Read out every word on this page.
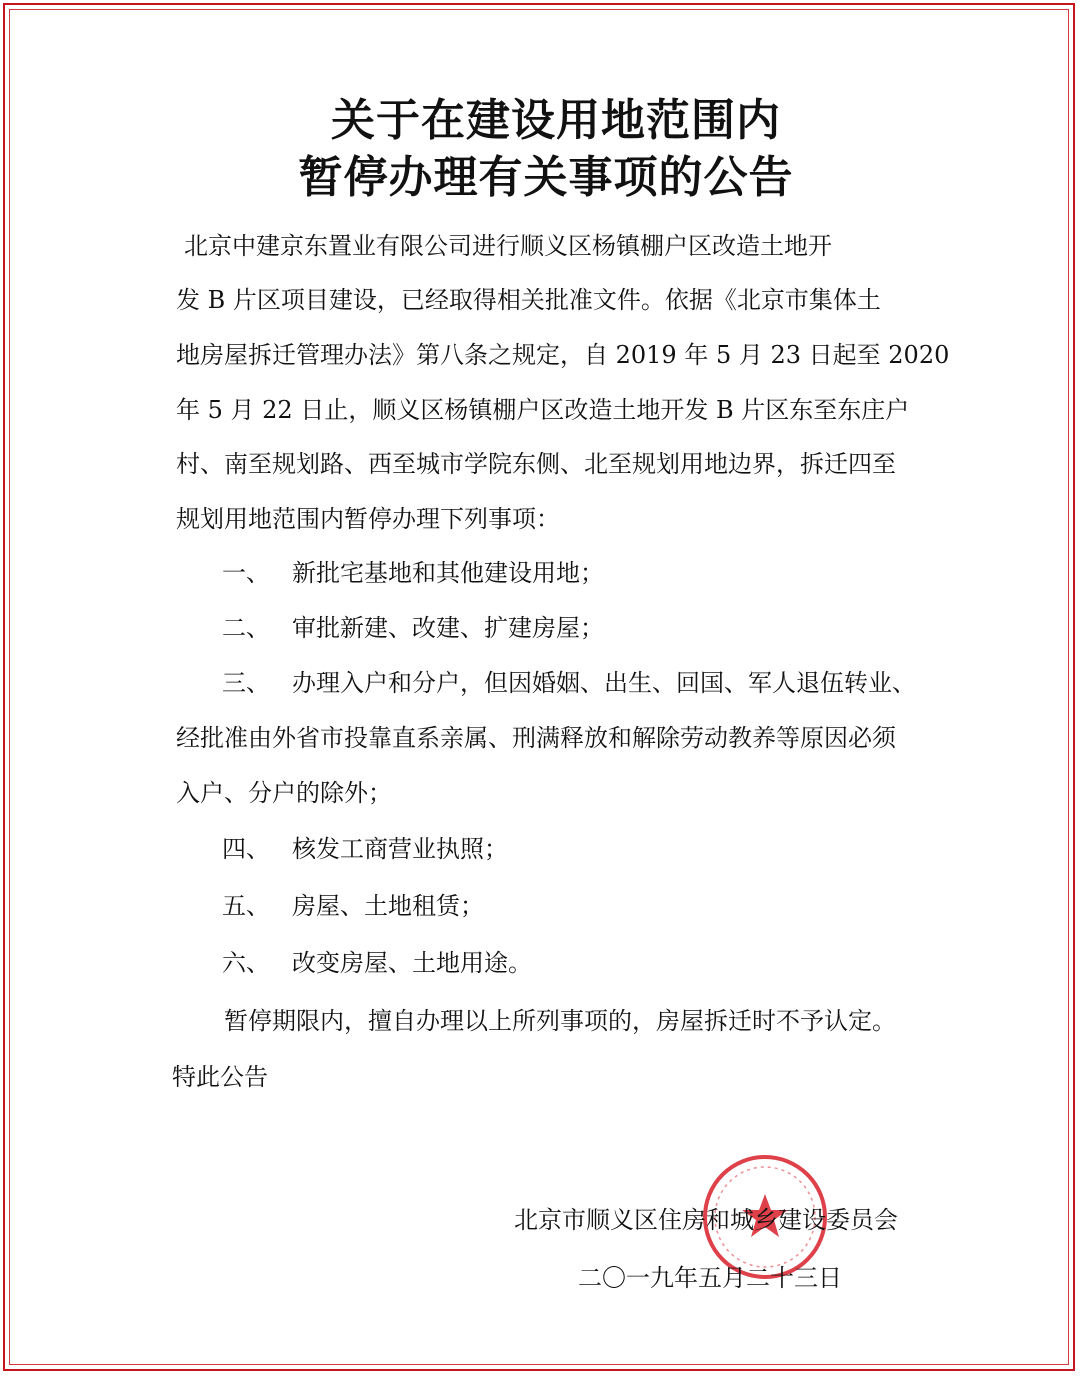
关于在建设用地范围内
暂停办理有关事项的公告

北京中建京东置业有限公司进行顺义区杨镇棚户区改造土地开

发 B 片区项目建设，已经取得相关批准文件。依据《北京市集体土

地房屋拆迁管理办法》第八条之规定，自 2019 年 5 月 23 日起至 2020

年 5 月 22 日止，顺义区杨镇棚户区改造土地开发 B 片区东至东庄户

村、南至规划路、西至城市学院东侧、北至规划用地边界，拆迁四至

规划用地范围内暂停办理下列事项：

一、 新批宅基地和其他建设用地；
二、 审批新建、改建、扩建房屋；
三、 办理入户和分户，但因婚姻、出生、回国、军人退伍转业、

经批准由外省市投靠直系亲属、刑满释放和解除劳动教养等原因必须

入户、分户的除外；

四、 核发工商营业执照；
五、 房屋、土地租赁；
六、 改变房屋、土地用途。

暂停期限内，擅自办理以上所列事项的，房屋拆迁时不予认定。

特此公告

北京市顺义区住房和城乡建设委员会

二〇一九年五月二十三日
